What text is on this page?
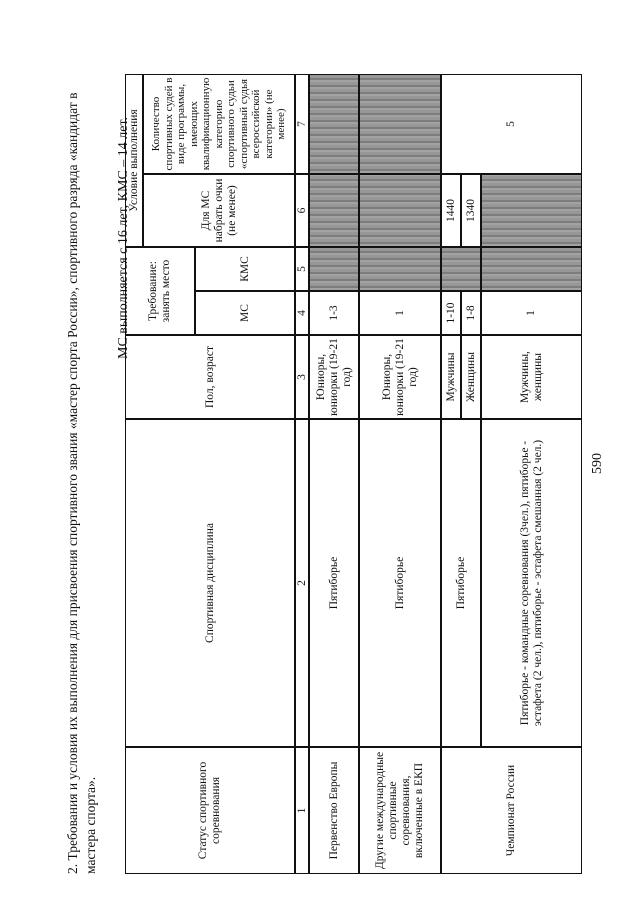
590
2. Требования и условия их выполнения для присвоения спортивного звания «мастер спорта России», спортивного разряда «кандидат в мастера спорта».
МС выполняется с 16 лет, КМС – 14 лет.
Статус спортивного соревнования
Спортивная дисциплина
Пол, возраст
Требование: занять место	МС
КМС
Условие выполнения	Для МС набрать очки (не менее)
Количество спортивных судей в виде программы, имеющих квалификационную категорию спортивного судьи «спортивный судья всероссийской категории» (не менее)
1
2
3
4
5
6
7
Первенство Европы
Пятиборье
Юниоры, юниорки (19-21 год)
1-3
Другие международные спортивные соревнования, включенные в ЕКП
Пятиборье
Юниоры, юниорки (19-21 год)
1
Чемпионат России
Пятиборье
Мужчины Женщины
1-10 1-8
1440 1340
5
Пятиборье - командные соревнования (3чел.), пятиборье - эстафета (2 чел.), пятиборье - эстафета смешанная (2 чел.)
Мужчины, женщины
1
